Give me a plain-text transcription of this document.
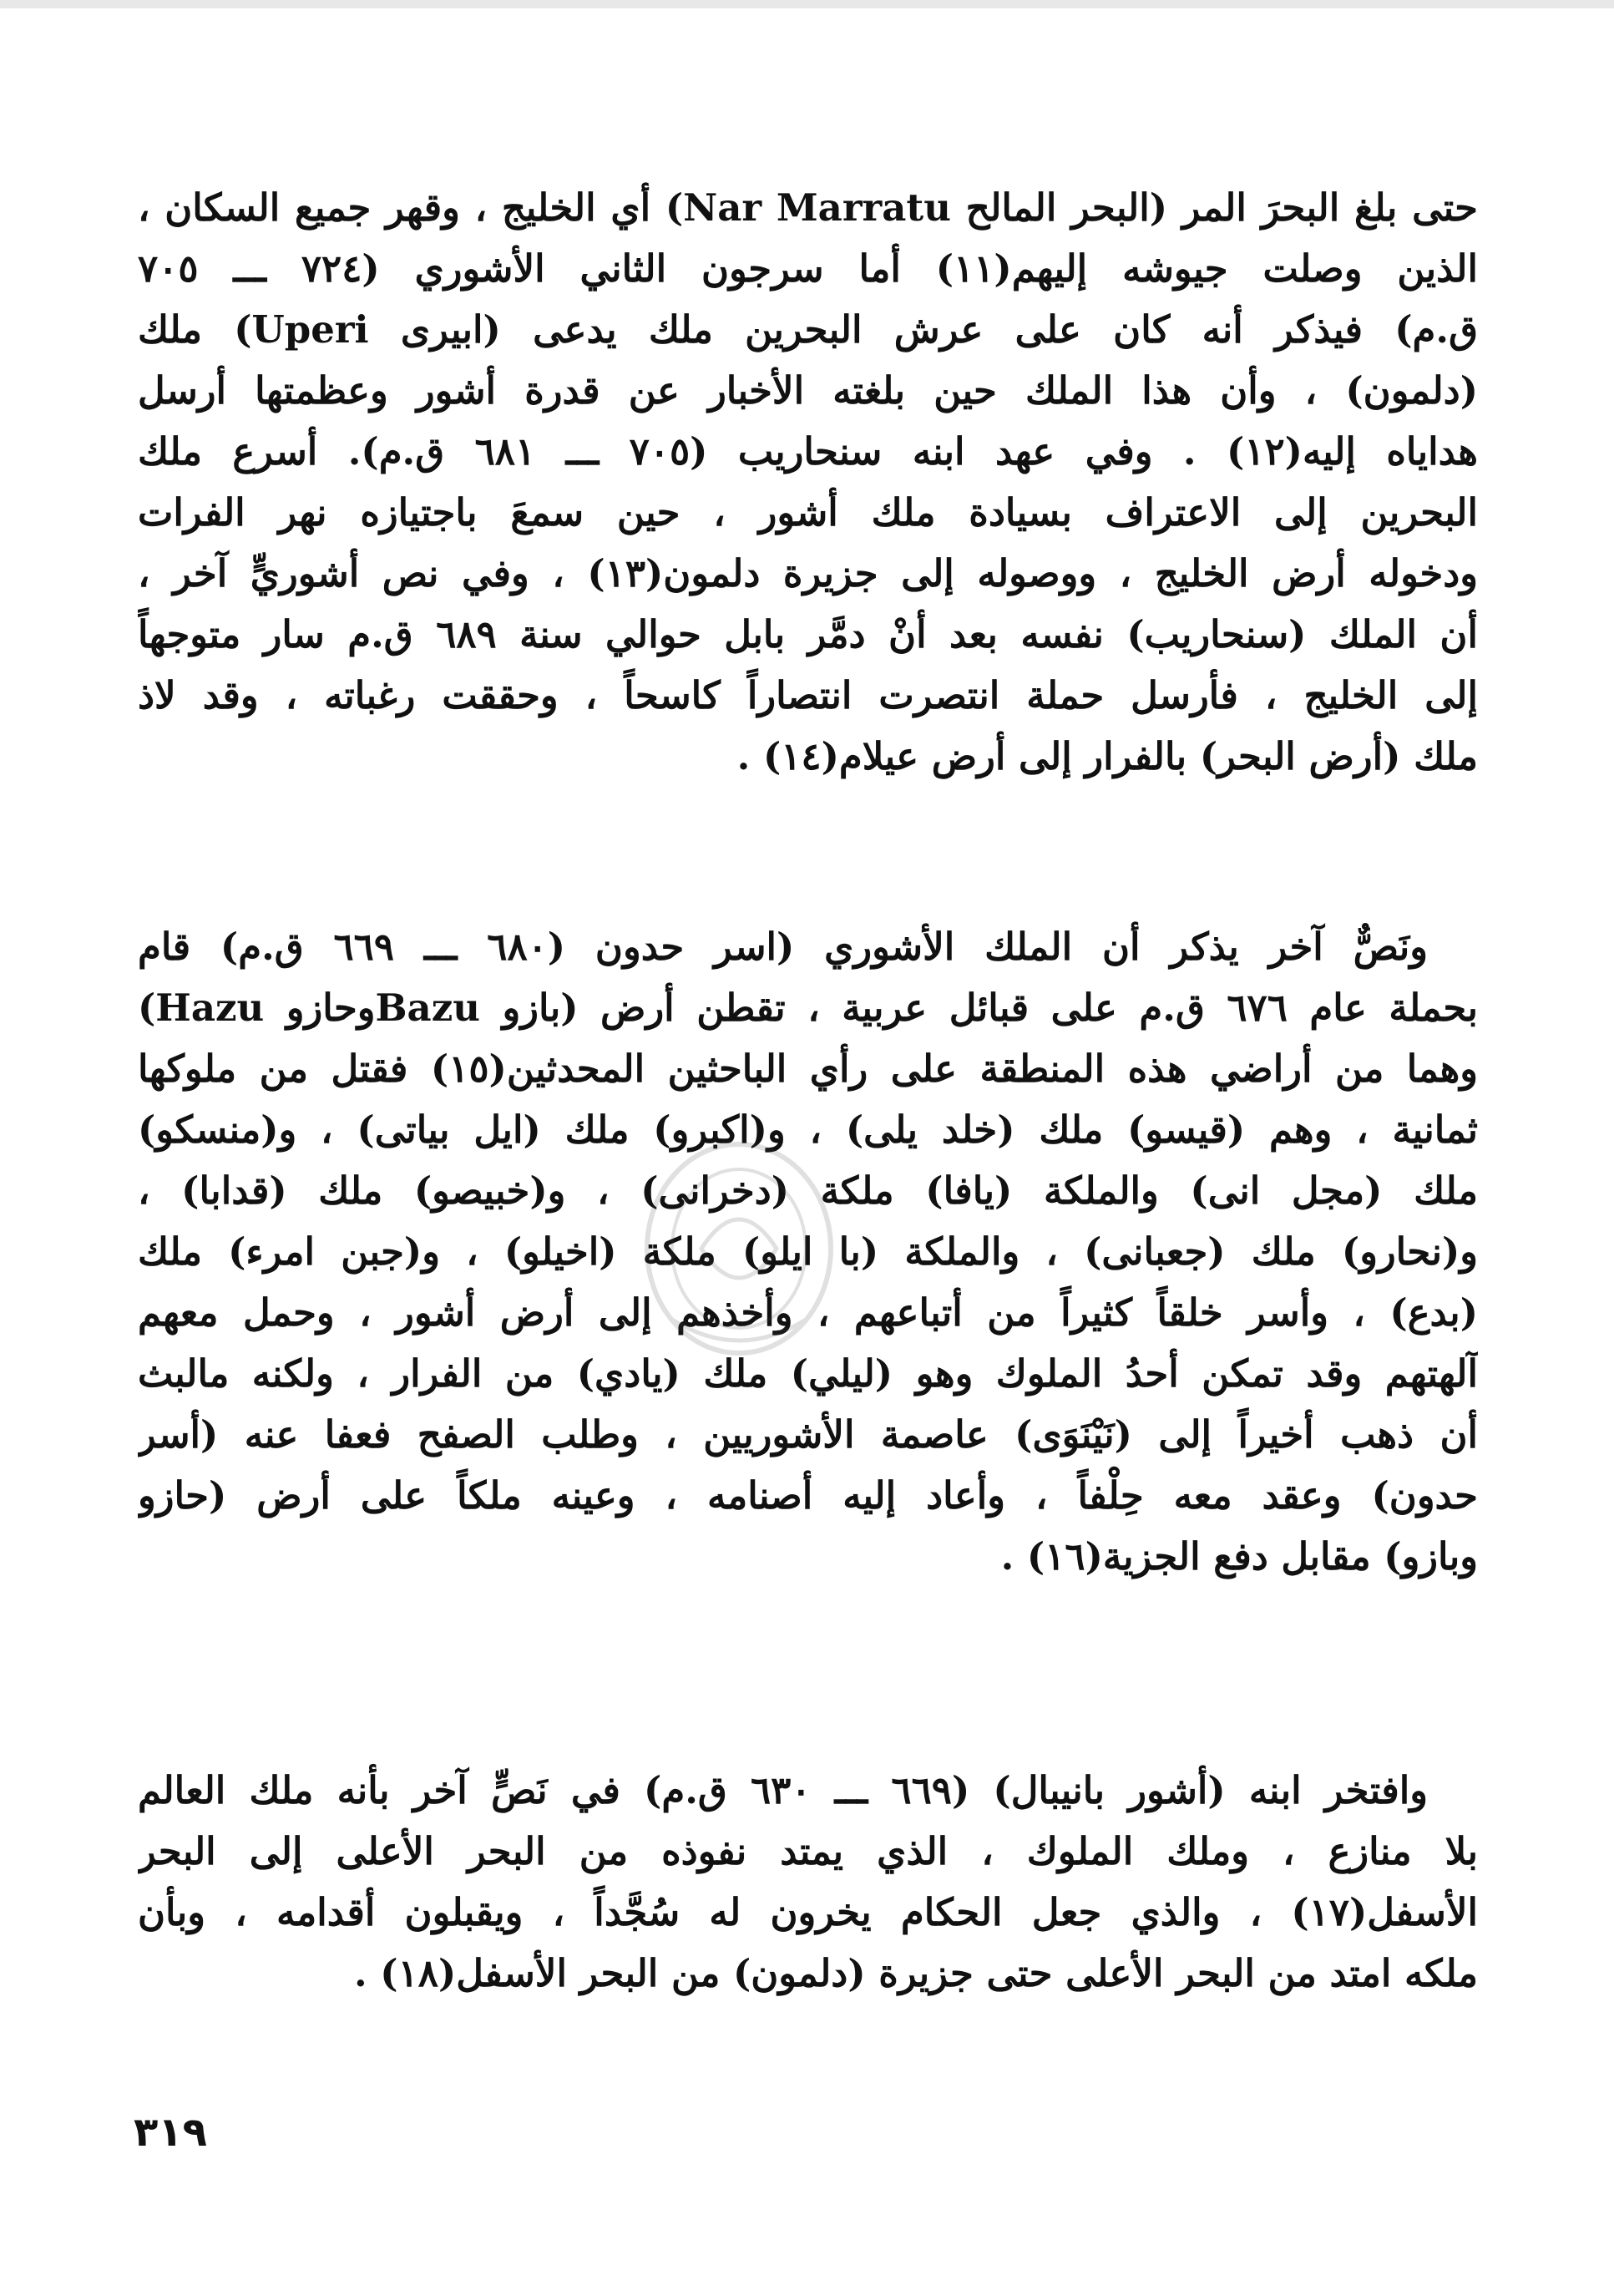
حتى بلغ البحرَ المر (البحر المالح Nar Marratu) أي الخليج ، وقهر جميع السكان ،
الذين وصلت جيوشه إليهم(١١) أما سرجون الثاني الأشوري (٧٢٤ ـــ ٧٠٥
ق.م) فيذكر أنه كان على عرش البحرين ملك يدعى (ابيرى Uperi) ملك
(دلمون) ، وأن هذا الملك حين بلغته الأخبار عن قدرة أشور وعظمتها أرسل
هداياه إليه(١٢) . وفي عهد ابنه سنحاريب (٧٠٥ ـــ ٦٨١ ق.م). أسرع ملك
البحرين إلى الاعتراف بسيادة ملك أشور ، حين سمعَ باجتيازه نهر الفرات
ودخوله أرض الخليج ، ووصوله إلى جزيرة دلمون(١٣) ، وفي نص أشوريٍّ آخر ،
أن الملك (سنحاريب) نفسه بعد أنْ دمَّر بابل حوالي سنة ٦٨٩ ق.م سار متوجهاً
إلى الخليج ، فأرسل حملة انتصرت انتصاراً كاسحاً ، وحققت رغباته ، وقد لاذ
ملك (أرض البحر) بالفرار إلى أرض عيلام(١٤) .
ونَصٌّ آخر يذكر أن الملك الأشوري (اسر حدون (٦٨٠ ـــ ٦٦٩ ق.م) قام
بحملة عام ٦٧٦ ق.م على قبائل عربية ، تقطن أرض (بازو Bazuوحازو Hazu)
وهما من أراضي هذه المنطقة على رأي الباحثين المحدثين(١٥) فقتل من ملوكها
ثمانية ، وهم (قيسو) ملك (خلد يلى) ، و(اكبرو) ملك (ايل بياتى) ، و(منسكو)
ملك (مجل انى) والملكة (يافا) ملكة (دخرانى) ، و(خبيصو) ملك (قدابا) ،
و(نحارو) ملك (جعبانى) ، والملكة (با ايلو) ملكة (اخيلو) ، و(جبن امرء) ملك
(بدع) ، وأسر خلقاً كثيراً من أتباعهم ، وأخذهم إلى أرض أشور ، وحمل معهم
آلهتهم وقد تمكن أحدُ الملوك وهو (ليلي) ملك (يادي) من الفرار ، ولكنه مالبث
أن ذهب أخيراً إلى (نَيْنَوَى) عاصمة الأشوريين ، وطلب الصفح فعفا عنه (أسر
حدون) وعقد معه حِلْفاً ، وأعاد إليه أصنامه ، وعينه ملكاً على أرض (حازو
وبازو) مقابل دفع الجزية(١٦) .
وافتخر ابنه (أشور بانيبال) (٦٦٩ ـــ ٦٣٠ ق.م) في نَصٍّ آخر بأنه ملك العالم
بلا منازع ، وملك الملوك ، الذي يمتد نفوذه من البحر الأعلى إلى البحر
الأسفل(١٧) ، والذي جعل الحكام يخرون له سُجَّداً ، ويقبلون أقدامه ، وبأن
ملكه امتد من البحر الأعلى حتى جزيرة (دلمون) من البحر الأسفل(١٨) .
٣١٩
